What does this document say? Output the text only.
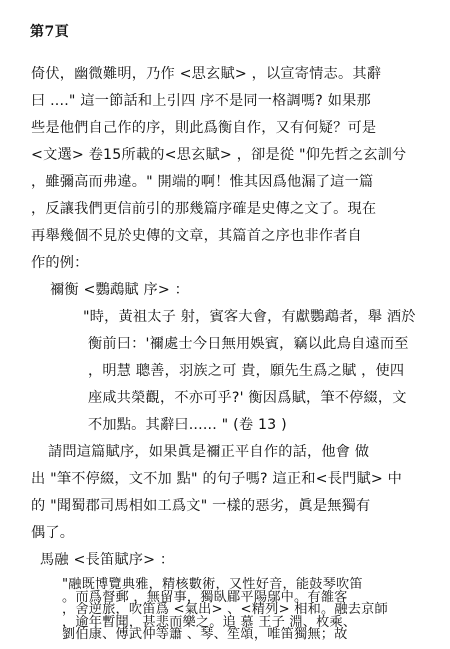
第7頁
倚伏，幽微難明，乃作 <思玄賦> ，以宣寄情志。其辭
曰 ...." 這一節話和上引四 序不是同一格調嗎? 如果那
些是他們自己作的序，則此爲衡自作，又有何疑？可是
<文選> 卷15所載的<思玄賦> ，卻是從 "仰先哲之玄訓兮
，雖彌高而弗違。" 開端的啊！惟其因爲他漏了這一篇
，反讓我們更信前引的那幾篇序確是史傳之文了。現在
再舉幾個不見於史傳的文章，其篇首之序也非作者自
作的例：
禰衡 <鸚鵡賦 序> ：
"時，黃祖太子 射，賓客大會，有獻鸚鵡者，舉 酒於
衡前曰：'禰處士今日無用娛賓，竊以此鳥自遠而至
，明慧 聰善，羽族之可 貴，願先生爲之賦 ，使四
座咸共榮觀，不亦可乎?' 衡因爲賦，筆不停綴，文
不加點。其辭曰...... " (卷 13 )
請問這篇賦序，如果眞是禰正平自作的話，他會 做
出 "筆不停綴，文不加 點" 的句子嗎? 這正和<長門賦> 中
的 "聞蜀郡司馬相如工爲文" 一樣的惡劣，眞是無獨有
偶了。
馬融 <長笛賦序> ：
"融既博覽典雅，精核數術，又性好音，能鼓琴吹笛
。而爲督郵 ，無留事，獨臥郿平陽鄔中。有雒客
，舍逆旅，吹笛爲 <氣出> 、<精列> 相和。融去京師
，逾年暫聞，甚悲而樂之。追 慕 王子 淵、枚乘、
劉伯康、傅武仲等簫 、琴、笙頌，唯笛獨無；故
